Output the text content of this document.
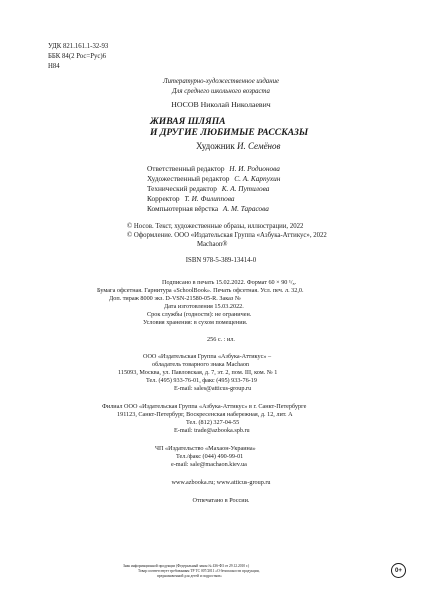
УДК 821.161.1-32-93
ББК 84(2 Рос=Рус)6
Н84
Литературно-художественное издание
Для среднего школьного возраста
НОСОВ Николай Николаевич
ЖИВАЯ ШЛЯПА
И ДРУГИЕ ЛЮБИМЫЕ РАССКАЗЫ
Художник И. Семёнов
Ответственный редактор Н. И. Родионова
Художественный редактор С. А. Карпухин
Технический редактор К. А. Путилова
Корректор Т. И. Филиппова
Компьютерная вёрстка А. М. Тарасова
© Носов. Текст, художественные образы, иллюстрации, 2022
© Оформление. ООО «Издательская Группа «Азбука-Аттикус», 2022
Machaon®
ISBN 978-5-389-13414-0
Подписано в печать 15.02.2022. Формат 60 × 90 ¹/₈.
Бумага офсетная. Гарнитура «SchoolBook». Печать офсетная. Усл. печ. л. 32,0.
Доп. тираж 8000 экз. D-VSN-21580-05-R. Заказ №
Дата изготовления 15.03.2022.
Срок службы (годности): не ограничен.
Условия хранения: в сухом помещении.
256 с. : ил.
ООО «Издательская Группа «Азбука-Аттикус» –
обладатель товарного знака Machaon
115093, Москва, ул. Павловская, д. 7, эт. 2, пом. III, ком. № 1
Тел. (495) 933-76-01, факс (495) 933-76-19
E-mail: sales@atticus-group.ru
Филиал ООО «Издательская Группа «Азбука-Аттикус» в г. Санкт-Петербурге
191123, Санкт-Петербург, Воскресенская набережная, д. 12, лит. А
Тел. (812) 327-04-55
E-mail: trade@azbooka.spb.ru
ЧП «Издательство «Махаон-Украина»
Тел./факс (044) 490-99-01
e-mail: sale@machaon.kiev.ua
www.azbooka.ru; www.atticus-group.ru
Отпечатано в России.
Знак информационной продукции (Федеральный закон № 436-ФЗ от 29.12.2010 г.)
Товар соответствует требованиям ТР ТС 007/2011 «О безопасности продукции,
предназначенной для детей и подростков»
0+
